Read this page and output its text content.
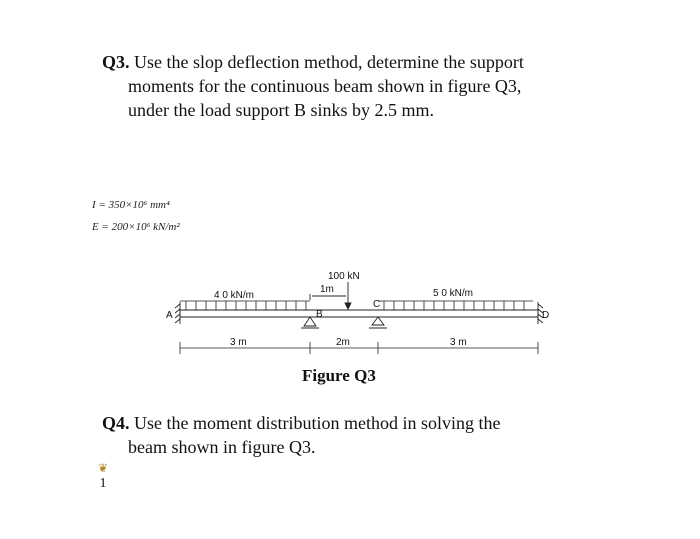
Q3. Use the slop deflection method, determine the support
moments for the continuous beam shown in figure Q3,
under the load support B sinks by 2.5 mm.
I = 350×10⁶ mm⁴
E = 200×10⁶ kN/m²
100 kN
1m
4 0 kN/m	5 0 kN/m
A	B
C
D
3 m	2m	3 m
Figure Q3
Q4. Use the moment distribution method in solving the
beam shown in figure Q3.
❦
1
